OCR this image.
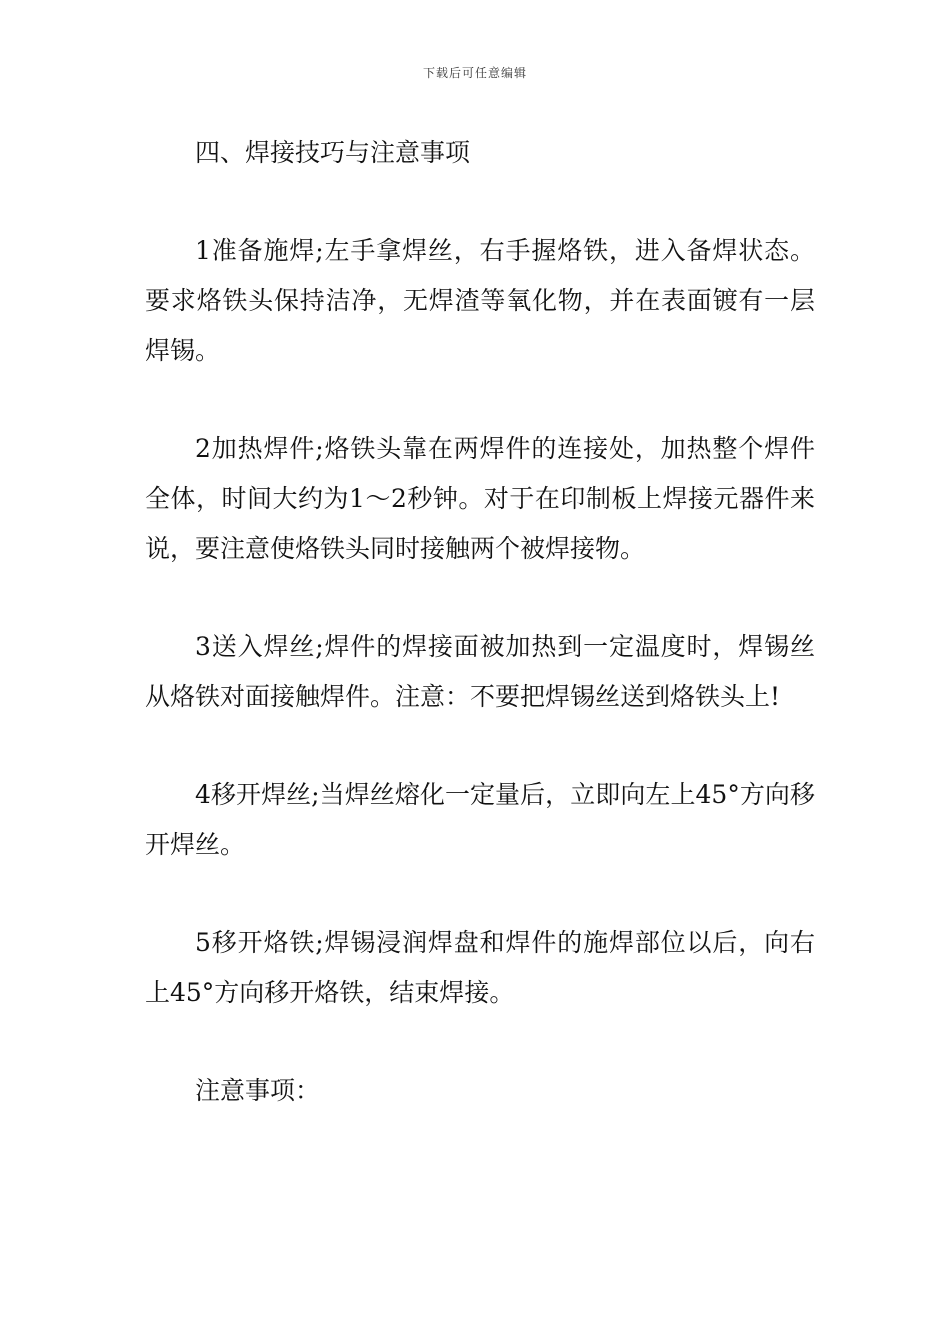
下载后可任意编辑

四、焊接技巧与注意事项

1准备施焊;左手拿焊丝，右手握烙铁，进入备焊状态。要求烙铁头保持洁净，无焊渣等氧化物，并在表面镀有一层焊锡。

2加热焊件;烙铁头靠在两焊件的连接处，加热整个焊件全体，时间大约为1～2秒钟。对于在印制板上焊接元器件来说，要注意使烙铁头同时接触两个被焊接物。

3送入焊丝;焊件的焊接面被加热到一定温度时，焊锡丝从烙铁对面接触焊件。注意：不要把焊锡丝送到烙铁头上!

4移开焊丝;当焊丝熔化一定量后，立即向左上45°方向移开焊丝。

5移开烙铁;焊锡浸润焊盘和焊件的施焊部位以后，向右上45°方向移开烙铁，结束焊接。

注意事项：
